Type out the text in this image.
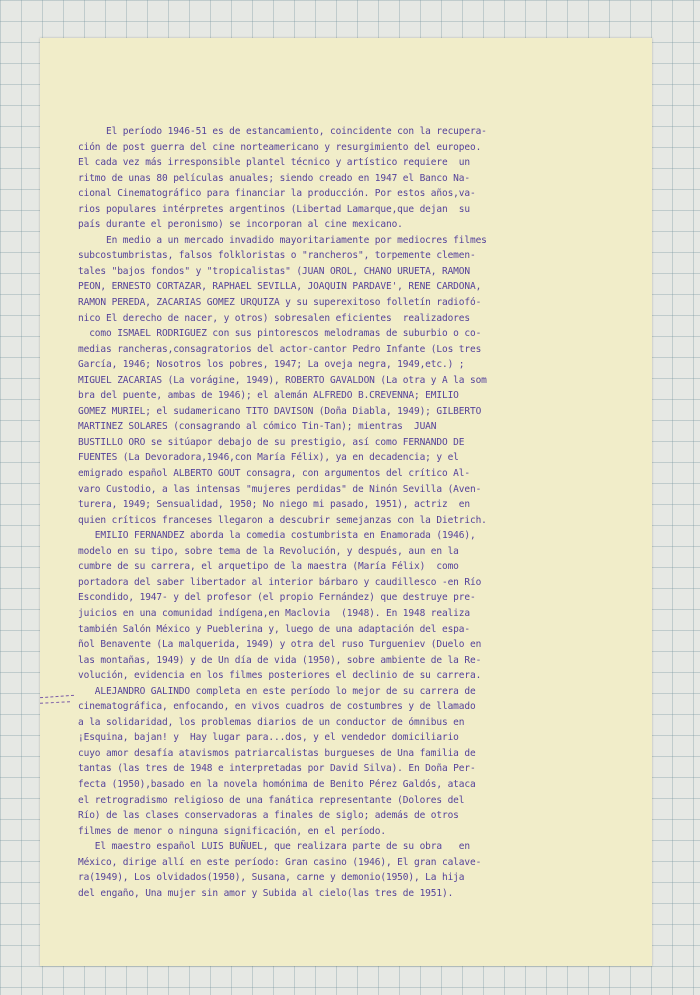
El período 1946-51 es de estancamiento, coincidente con la recupera-
ción de post guerra del cine norteamericano y resurgimiento del europeo.
El cada vez más irresponsible plantel técnico y artístico requiere  un
ritmo de unas 80 películas anuales; siendo creado en 1947 el Banco Na-
cional Cinematográfico para financiar la producción. Por estos años,va-
rios populares intérpretes argentinos (Libertad Lamarque,que dejan  su
país durante el peronismo) se incorporan al cine mexicano.
En medio a un mercado invadido mayoritariamente por mediocres filmes
subcostumbristas, falsos folkloristas o "rancheros", torpemente clemen-
tales "bajos fondos" y "tropicalistas" (JUAN OROL, CHANO URUETA, RAMON
PEON, ERNESTO CORTAZAR, RAPHAEL SEVILLA, JOAQUIN PARDAVE', RENE CARDONA,
RAMON PEREDA, ZACARIAS GOMEZ URQUIZA y su superexitoso folletín radiofó-
nico El derecho de nacer, y otros) sobresalen eficientes  realizadores
como ISMAEL RODRIGUEZ con sus pintorescos melodramas de suburbio o co-
medias rancheras,consagratorios del actor-cantor Pedro Infante (Los tres
García, 1946; Nosotros los pobres, 1947; La oveja negra, 1949,etc.) ;
MIGUEL ZACARIAS (La vorágine, 1949), ROBERTO GAVALDON (La otra y A la som
bra del puente, ambas de 1946); el alemán ALFREDO B.CREVENNA; EMILIO
GOMEZ MURIEL; el sudamericano TITO DAVISON (Doña Diabla, 1949); GILBERTO
MARTINEZ SOLARES (consagrando al cómico Tin-Tan); mientras  JUAN
BUSTILLO ORO se sitúapor debajo de su prestigio, así como FERNANDO DE
FUENTES (La Devoradora,1946,con María Félix), ya en decadencia; y el
emigrado español ALBERTO GOUT consagra, con argumentos del crítico Al-
varo Custodio, a las intensas "mujeres perdidas" de Ninón Sevilla (Aven-
turera, 1949; Sensualidad, 1950; No niego mi pasado, 1951), actriz  en
quien críticos franceses llegaron a descubrir semejanzas con la Dietrich.
EMILIO FERNANDEZ aborda la comedia costumbrista en Enamorada (1946),
modelo en su tipo, sobre tema de la Revolución, y después, aun en la
cumbre de su carrera, el arquetipo de la maestra (María Félix)  como
portadora del saber libertador al interior bárbaro y caudillesco -en Río
Escondido, 1947- y del profesor (el propio Fernández) que destruye pre-
juicios en una comunidad indígena,en Maclovia  (1948). En 1948 realiza
también Salón México y Pueblerina y, luego de una adaptación del espa-
ñol Benavente (La malquerida, 1949) y otra del ruso Turgueniev (Duelo en
las montañas, 1949) y de Un día de vida (1950), sobre ambiente de la Re-
volución, evidencia en los filmes posteriores el declinio de su carrera.
ALEJANDRO GALINDO completa en este período lo mejor de su carrera de
cinematográfica, enfocando, en vivos cuadros de costumbres y de llamado
a la solidaridad, los problemas diarios de un conductor de ómnibus en
¡Esquina, bajan! y  Hay lugar para...dos, y el vendedor domiciliario
cuyo amor desafía atavismos patriarcalistas burgueses de Una familia de
tantas (las tres de 1948 e interpretadas por David Silva). En Doña Per-
fecta (1950),basado en la novela homónima de Benito Pérez Galdós, ataca
el retrogradismo religioso de una fanática representante (Dolores del
Río) de las clases conservadoras a finales de siglo; además de otros
filmes de menor o ninguna significación, en el período.
El maestro español LUIS BUÑUEL, que realizara parte de su obra   en
México, dirige allí en este período: Gran casino (1946), El gran calave-
ra(1949), Los olvidados(1950), Susana, carne y demonio(1950), La hija
del engaño, Una mujer sin amor y Subida al cielo(las tres de 1951).
